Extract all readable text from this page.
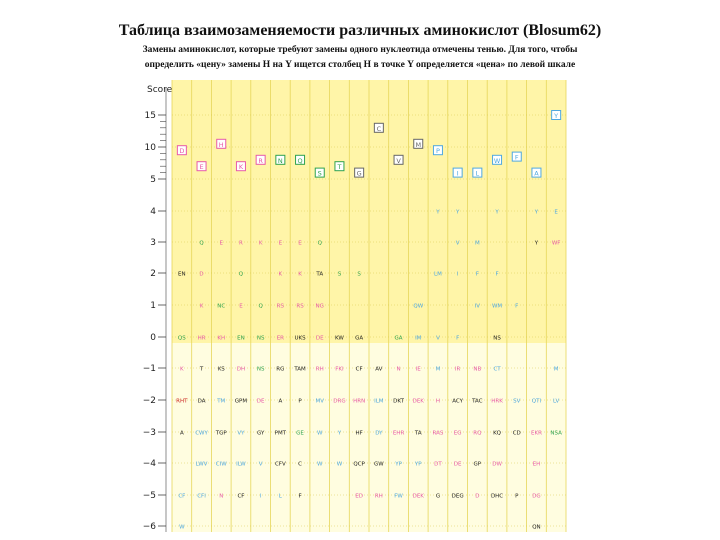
Таблица взаимозаменяемости различных аминокислот (Blosum62)
Замены аминокислот, которые требуют замены одного нуклеотида отмечены тенью. Для того, чтобы
определить «цену» замены H на Y ищется столбец H в точке Y определяется «цена» по левой шкале
Score
15
10
5
4
3
2
1
0
−1
−2
−3
−4
−5
−6
D
E
H
K
R N Q
S
T
G
C
V
M
P
I	L
W F
A
Y
EN
QS
K
RHT
A
CF
W
Q
D
K
HR
T
DA
CWY
LWV
CFI
E
NC
KH
KS
TM
TGP
CIW
N
R
Q
E
EN
DH
GPM
VY
ILW
CF
K
Q
NS
NS
DE
GY
V
I
E
K
RS
ER
RG
A
PMT
CFV
L
E
K
RS
UKS
TAM
P
GE
C
F
Q
TA
NG
DE
RH
MV
W
W
S
KW
FKI
DRG
Y
W
S
GA
CF
HRN
HF
QCP
ED
AV
ILM
DY
GW
RH
GA
N
DKT
EHR
YP
FW
QW
IM
IE
DEK
TA
YP
DEK
Y
LM
V
M
H
RAS
DT
G
Y
V
I
F
IR
ACY
EG
DE
DEG
M
F
IV
NB
TAC
RQ
GP
D
Y
F
WM
NS
CT
HRK
KQ
DW
DHC
F
SV
CD
P
Y
Y
QTI
EKR
EH
DG
QN
E
WF
M
LV
NSA
